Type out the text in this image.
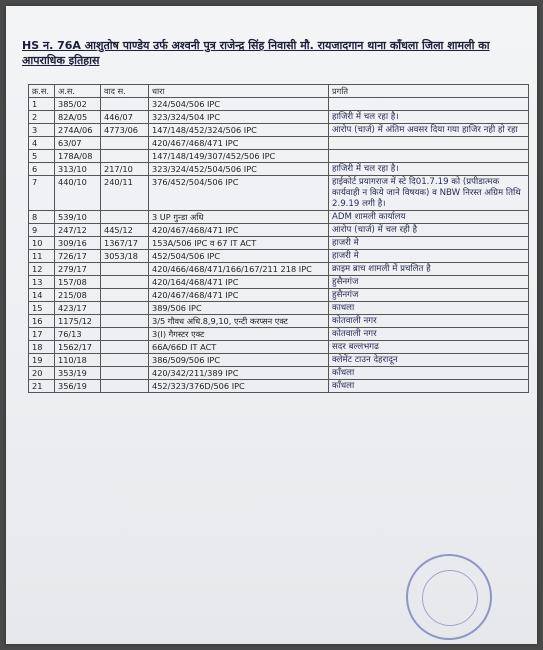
HS न. 76A आशुतोष पाण्डेय उर्फ अश्वनी पुत्र राजेन्द्र सिंह निवासी मौ. रायजादगान थाना काँधला जिला शामली का आपराधिक इतिहास
क्र.स.	अ.स.	वाद स.	धारा	प्रगति
1	385/02		324/504/506 IPC	
2	82A/05	446/07	323/324/504 IPC	हाजिरी में चल रहा है।
3	274A/06	4773/06	147/148/452/324/506 IPC	आरोप (चार्ज) में अंतिम अवसर दिया गया हाजिर नही हो रहा
4	63/07		420/467/468/471 IPC	
5	178A/08		147/148/149/307/452/506 IPC	
6	313/10	217/10	323/324/452/504/506 IPC	हाजिरी में चल रहा है।
7	440/10	240/11	376/452/504/506 IPC	हाईकोर्ट प्रयागराज में स्टे दि01.7.19 को (प्रपीडात्मक कार्यवाही न किये जाने विषयक) व NBW निरस्त अग्रिम तिथि 2.9.19 लगी है।
8	539/10		3 UP गुन्डा अधि	ADM शामली कार्यालय
9	247/12	445/12	420/467/468/471 IPC	आरोप (चार्ज) में चल रही है
10	309/16	1367/17	153A/506 IPC व 67 IT ACT	हाजरी मे
11	726/17	3053/18	452/504/506 IPC	हाजरी मे
12	279/17		420/466/468/471/166/167/211 218 IPC	क्राइम ब्राच शामली में प्रचलित है
13	157/08		420/164/468/471 IPC	हुसैनगंज
14	215/08		420/467/468/471 IPC	हुसैनगंज
15	423/17		389/506 IPC	काधला
16	1175/12		3/5 गौवध अधि.8,9,10, एन्टी करप्सन एक्ट	कोतवाली नगर
17	76/13		3(I) गैगस्टर एक्ट	कोतवाली नगर
18	1562/17		66A/66D IT ACT	सदर बल्लभगढ
19	110/18		386/509/506 IPC	क्लेमेंट टाउन देहरादून
20	353/19		420/342/211/389 IPC	काँधला
21	356/19		452/323/376D/506 IPC	काँधला
